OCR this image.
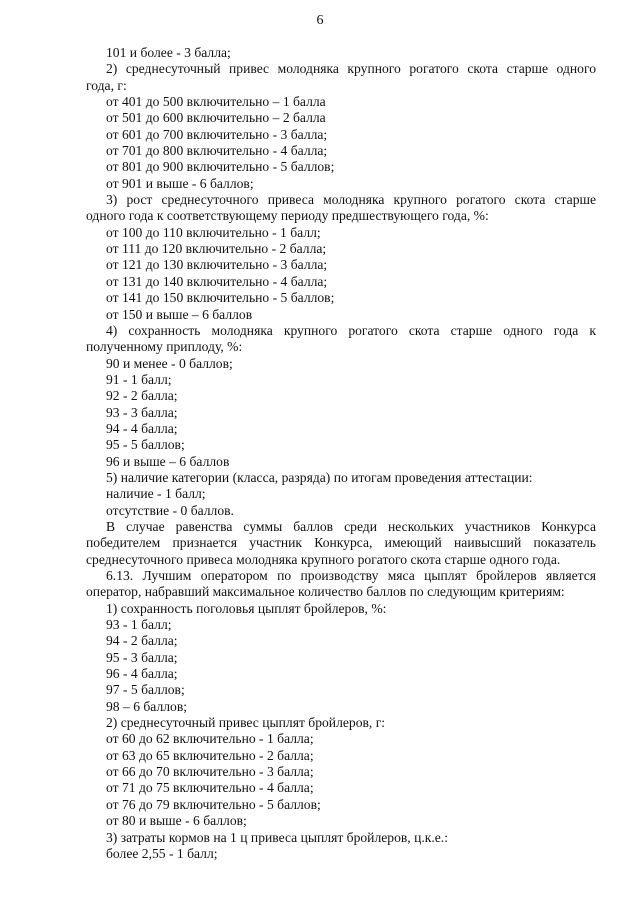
6
101 и более - 3 балла;
2) среднесуточный привес молодняка крупного рогатого скота старше одного
года, г:
от 401 до 500 включительно – 1 балла
от 501 до 600 включительно – 2 балла
от 601 до 700 включительно - 3 балла;
от 701 до 800 включительно - 4 балла;
от 801 до 900 включительно - 5 баллов;
от 901 и выше - 6 баллов;
3) рост среднесуточного привеса молодняка крупного рогатого скота старше
одного года к соответствующему периоду предшествующего года, %:
от 100 до 110 включительно - 1 балл;
от 111 до 120 включительно - 2 балла;
от 121 до 130 включительно - 3 балла;
от 131 до 140 включительно - 4 балла;
от 141 до 150 включительно - 5 баллов;
от 150 и выше – 6 баллов
4) сохранность молодняка крупного рогатого скота старше одного года к
полученному приплоду, %:
90 и менее - 0 баллов;
91 - 1 балл;
92 - 2 балла;
93 - 3 балла;
94 - 4 балла;
95 - 5 баллов;
96 и выше – 6 баллов
5) наличие категории (класса, разряда) по итогам проведения аттестации:
наличие - 1 балл;
отсутствие - 0 баллов.
В случае равенства суммы баллов среди нескольких участников Конкурса
победителем признается участник Конкурса, имеющий наивысший показатель
среднесуточного привеса молодняка крупного рогатого скота старше одного года.
6.13. Лучшим оператором по производству мяса цыплят бройлеров является
оператор, набравший максимальное количество баллов по следующим критериям:
1) сохранность поголовья цыплят бройлеров, %:
93 - 1 балл;
94 - 2 балла;
95 - 3 балла;
96 - 4 балла;
97 - 5 баллов;
98 – 6 баллов;
2) среднесуточный привес цыплят бройлеров, г:
от 60 до 62 включительно - 1 балла;
от 63 до 65 включительно - 2 балла;
от 66 до 70 включительно - 3 балла;
от 71 до 75 включительно - 4 балла;
от 76 до 79 включительно - 5 баллов;
от 80 и выше - 6 баллов;
3) затраты кормов на 1 ц привеса цыплят бройлеров, ц.к.е.:
более 2,55 - 1 балл;
